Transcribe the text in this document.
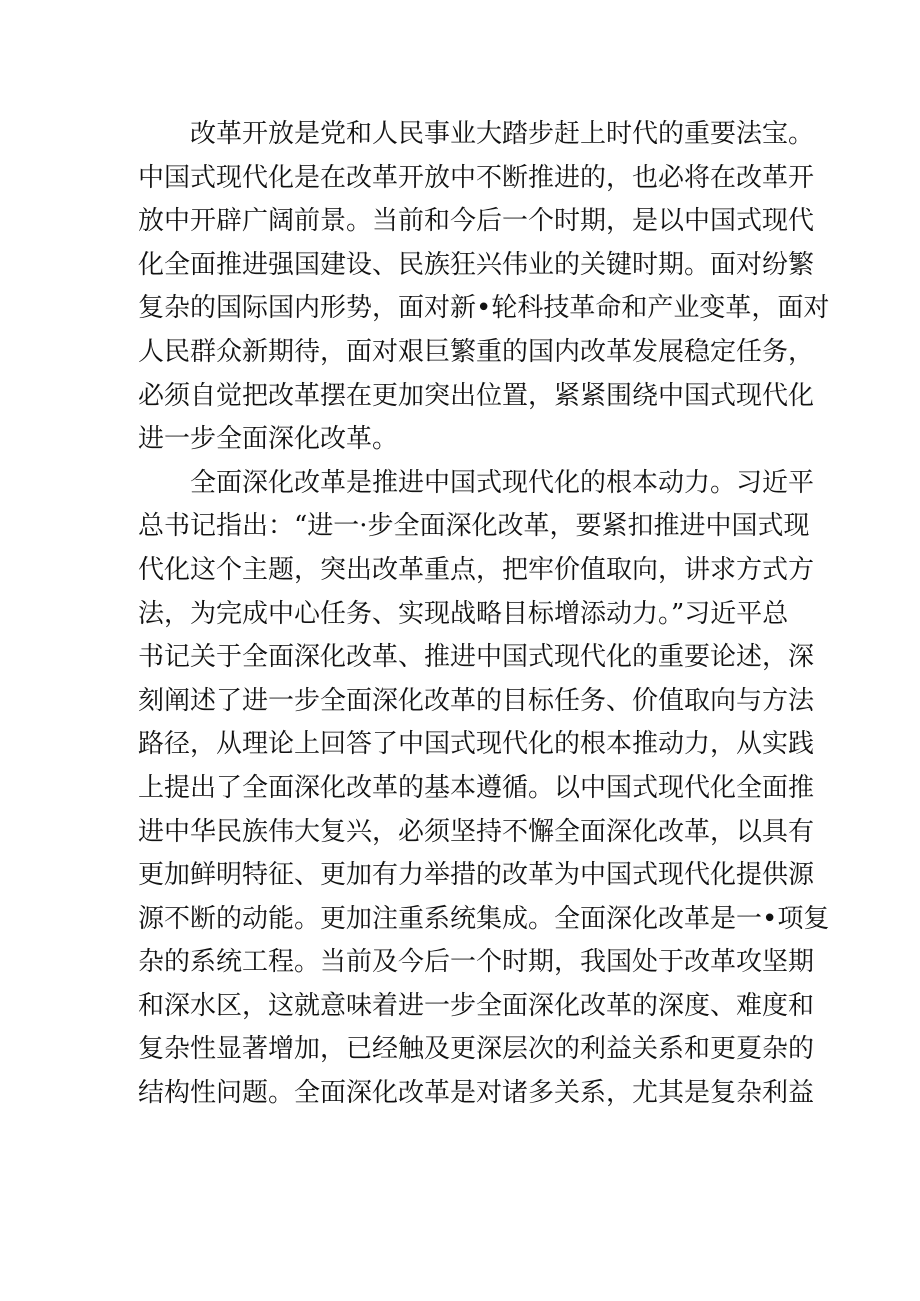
改革开放是党和人民事业大踏步赶上时代的重要法宝。
中国式现代化是在改革开放中不断推进的，也必将在改革开
放中开辟广阔前景。当前和今后一个时期，是以中国式现代
化全面推进强国建设、民族狂兴伟业的关键时期。面对纷繁
复杂的国际国内形势，面对新•轮科技革命和产业变革，面对
人民群众新期待，面对艰巨繁重的国内改革发展稳定任务，
必须自觉把改革摆在更加突出位置，紧紧围绕中国式现代化
进一步全面深化改革。
全面深化改革是推进中国式现代化的根本动力。习近平
总书记指出：“进一·步全面深化改革，要紧扣推进中国式现
代化这个主题，突出改革重点，把牢价值取向，讲求方式方
法，为完成中心任务、实现战略目标增添动力。”习近平总
书记关于全面深化改革、推进中国式现代化的重要论述，深
刻阐述了进一步全面深化改革的目标任务、价值取向与方法
路径，从理论上回答了中国式现代化的根本推动力，从实践
上提出了全面深化改革的基本遵循。以中国式现代化全面推
进中华民族伟大复兴，必须坚持不懈全面深化改革，以具有
更加鲜明特征、更加有力举措的改革为中国式现代化提供源
源不断的动能。更加注重系统集成。全面深化改革是一•项复
杂的系统工程。当前及今后一个时期，我国处于改革攻坚期
和深水区，这就意味着进一步全面深化改革的深度、难度和
复杂性显著增加，已经触及更深层次的利益关系和更夏杂的
结构性问题。全面深化改革是对诸多关系，尤其是复杂利益
